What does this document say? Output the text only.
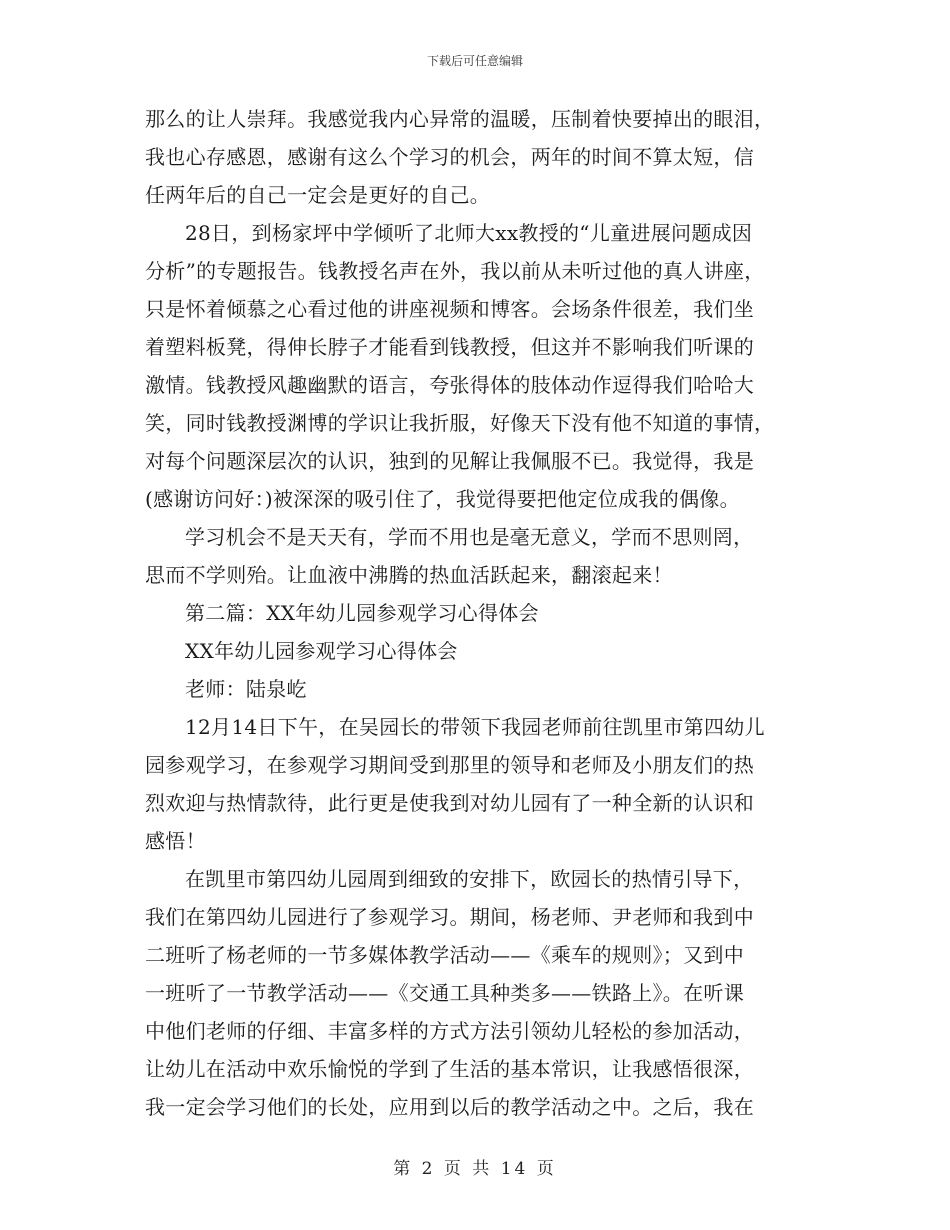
下载后可任意编辑
那么的让人崇拜。我感觉我内心异常的温暖，压制着快要掉出的眼泪，
我也心存感恩，感谢有这么个学习的机会，两年的时间不算太短，信
任两年后的自己一定会是更好的自己。
28日，到杨家坪中学倾听了北师大xx教授的“儿童进展问题成因
分析”的专题报告。钱教授名声在外，我以前从未听过他的真人讲座，
只是怀着倾慕之心看过他的讲座视频和博客。会场条件很差，我们坐
着塑料板凳，得伸长脖子才能看到钱教授，但这并不影响我们听课的
激情。钱教授风趣幽默的语言，夸张得体的肢体动作逗得我们哈哈大
笑，同时钱教授渊博的学识让我折服，好像天下没有他不知道的事情，
对每个问题深层次的认识，独到的见解让我佩服不已。我觉得，我是
(感谢访问好：)被深深的吸引住了，我觉得要把他定位成我的偶像。
学习机会不是天天有，学而不用也是毫无意义，学而不思则罔，
思而不学则殆。让血液中沸腾的热血活跃起来，翻滚起来！
第二篇：XX年幼儿园参观学习心得体会
XX年幼儿园参观学习心得体会
老师：陆泉屹
12月14日下午，在吴园长的带领下我园老师前往凯里市第四幼儿
园参观学习，在参观学习期间受到那里的领导和老师及小朋友们的热
烈欢迎与热情款待，此行更是使我到对幼儿园有了一种全新的认识和
感悟！
在凯里市第四幼儿园周到细致的安排下，欧园长的热情引导下，
我们在第四幼儿园进行了参观学习。期间，杨老师、尹老师和我到中
二班听了杨老师的一节多媒体教学活动——《乘车的规则》；又到中
一班听了一节教学活动——《交通工具种类多——铁路上》。在听课
中他们老师的仔细、丰富多样的方式方法引领幼儿轻松的参加活动，
让幼儿在活动中欢乐愉悦的学到了生活的基本常识，让我感悟很深，
我一定会学习他们的长处，应用到以后的教学活动之中。之后，我在
第 2 页 共 14 页
